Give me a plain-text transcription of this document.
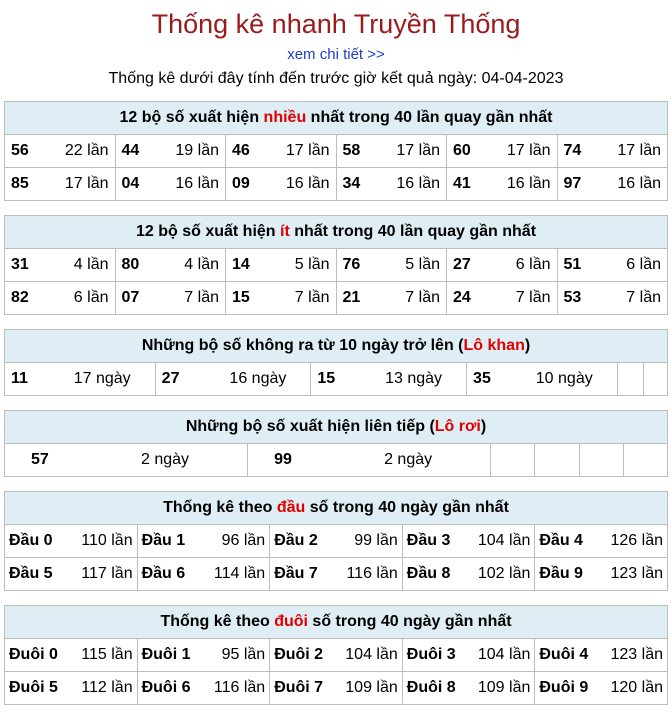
Thống kê nhanh Truyền Thống
xem chi tiết >>
Thống kê dưới đây tính đến trước giờ kết quả ngày: 04-04-2023
12 bộ số xuất hiện nhiều nhất trong 40 lần quay gần nhất					
56 22 lần	44 19 lần	46 17 lần	58 17 lần	60 17 lần	74 17 lần

85 17 lần	04 16 lần	09 16 lần	34 16 lần	41 16 lần	97 16 lần
12 bộ số xuất hiện ít nhất trong 40 lần quay gần nhất					
31 4 lần	80 4 lần	14 5 lần	76 5 lần	27 6 lần	51 6 lần

82 6 lần	07 7 lần	15 7 lần	21 7 lần	24 7 lần	53 7 lần
Những bộ số không ra từ 10 ngày trở lên (Lô khan)
11	17 ngày	27	16 ngày	15	13 ngày	35	10 ngày

Những bộ số xuất hiện liên tiếp (Lô rơi)
57	2 ngày	99	2 ngày

Thống kê theo đầu số trong 40 ngày gần nhất				
Đầu 0 110 lần	Đầu 1 96 lần	Đầu 2 99 lần	Đầu 3 104 lần	Đầu 4 126 lần

Đầu 5 117 lần	Đầu 6 114 lần	Đầu 7 116 lần	Đầu 8 102 lần	Đầu 9 123 lần
Thống kê theo đuôi số trong 40 ngày gần nhất				
Đuôi 0 115 lần	Đuôi 1 95 lần	Đuôi 2 104 lần	Đuôi 3 104 lần	Đuôi 4 123 lần

Đuôi 5 112 lần	Đuôi 6 116 lần	Đuôi 7 109 lần	Đuôi 8 109 lần	Đuôi 9 120 lần
